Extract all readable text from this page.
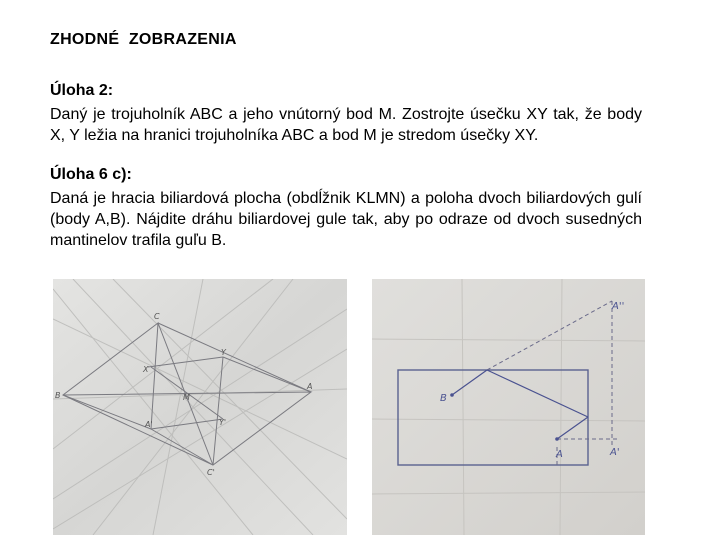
ZHODNÉ  ZOBRAZENIA
Úloha 2:
Daný je trojuholník ABC a jeho vnútorný bod M. Zostrojte úsečku XY tak, že body X, Y ležia na hranici trojuholníka ABC a bod M je stredom úsečky XY.
Úloha 6 c):
Daná je hracia biliardová plocha (obdĺžnik KLMN) a poloha dvoch biliardových gulí (body A,B). Nájdite dráhu biliardovej gule tak, aby po odraze od dvoch susedných mantinelov trafila guľu B.
C
X
B	M
Y
A
C'
A'	Y'
B
A	A'
A''
